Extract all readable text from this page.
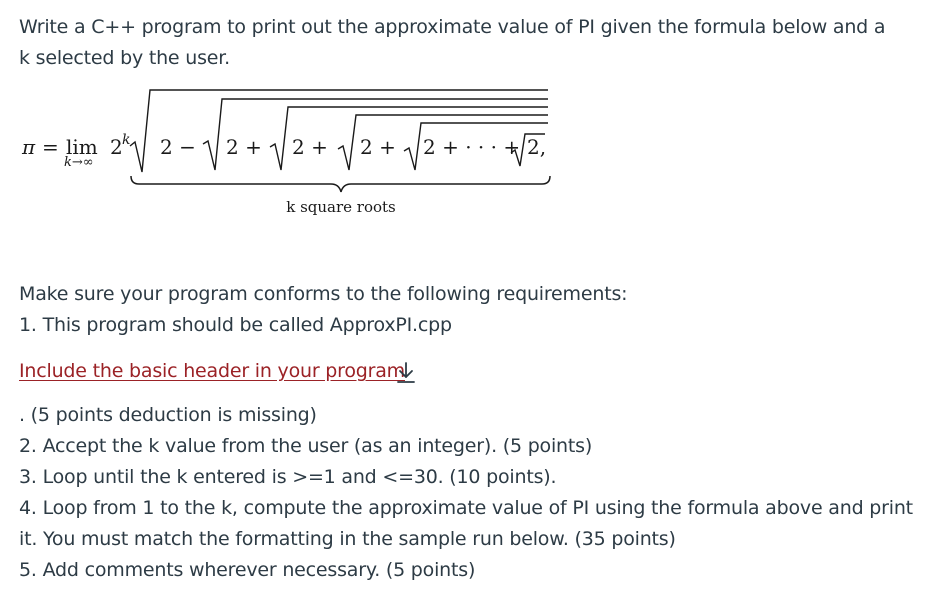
Write a C++ program to print out the approximate value of PI given the formula below and a k selected by the user.

π = lim
k→∞
2 k 2 − 2 + 2 + 2 + 2 + · · · + 2,
k square roots

Make sure your program conforms to the following requirements:

1. This program should be called ApproxPI.cpp

Include the basic header in your program

. (5 points deduction is missing)

2. Accept the k value from the user (as an integer). (5 points)

3. Loop until the k entered is >=1 and <=30. (10 points).

4. Loop from 1 to the k, compute the approximate value of PI using the formula above and print it. You must match the formatting in the sample run below. (35 points)

5. Add comments wherever necessary. (5 points)
